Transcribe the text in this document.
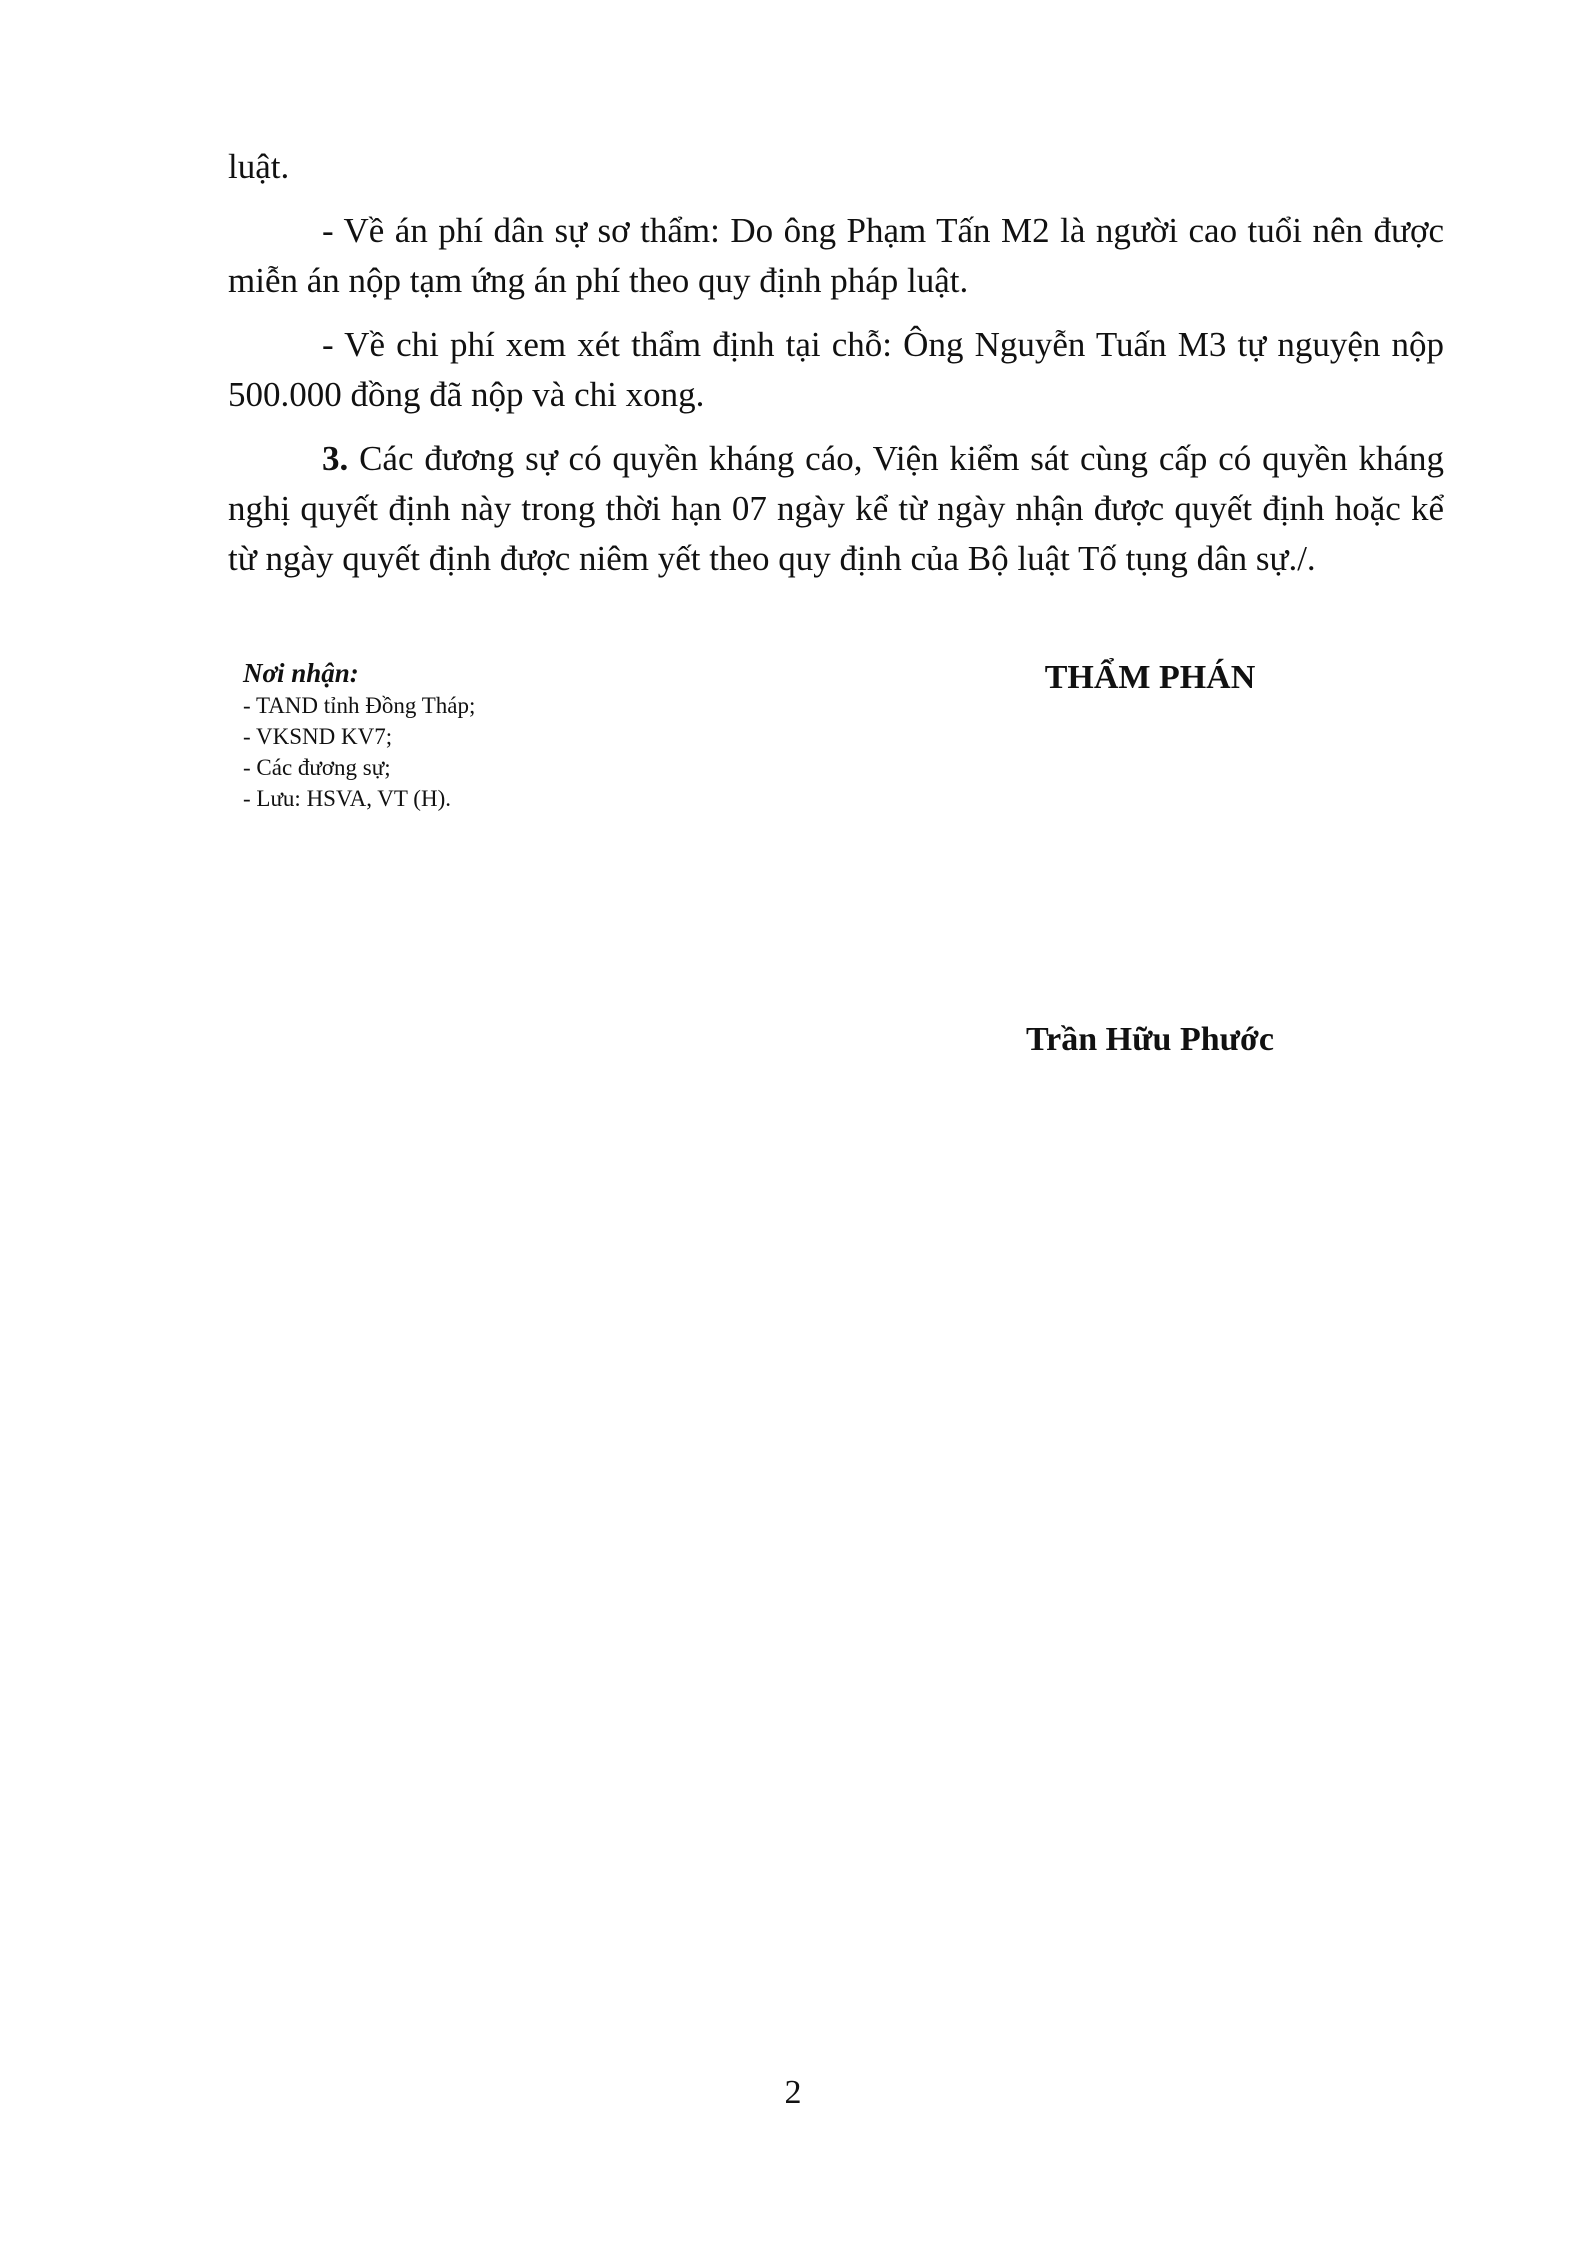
luật.

- Về án phí dân sự sơ thẩm: Do ông Phạm Tấn M2 là người cao tuổi nên được miễn án nộp tạm ứng án phí theo quy định pháp luật.

- Về chi phí xem xét thẩm định tại chỗ: Ông Nguyễn Tuấn M3 tự nguyện nộp 500.000 đồng đã nộp và chi xong.

3. Các đương sự có quyền kháng cáo, Viện kiểm sát cùng cấp có quyền kháng nghị quyết định này trong thời hạn 07 ngày kể từ ngày nhận được quyết định hoặc kể từ ngày quyết định được niêm yết theo quy định của Bộ luật Tố tụng dân sự./.

Nơi nhận:
- TAND tỉnh Đồng Tháp;
- VKSND KV7;
- Các đương sự;
- Lưu: HSVA, VT (H).
THẨM PHÁN
Trần Hữu Phước
2
